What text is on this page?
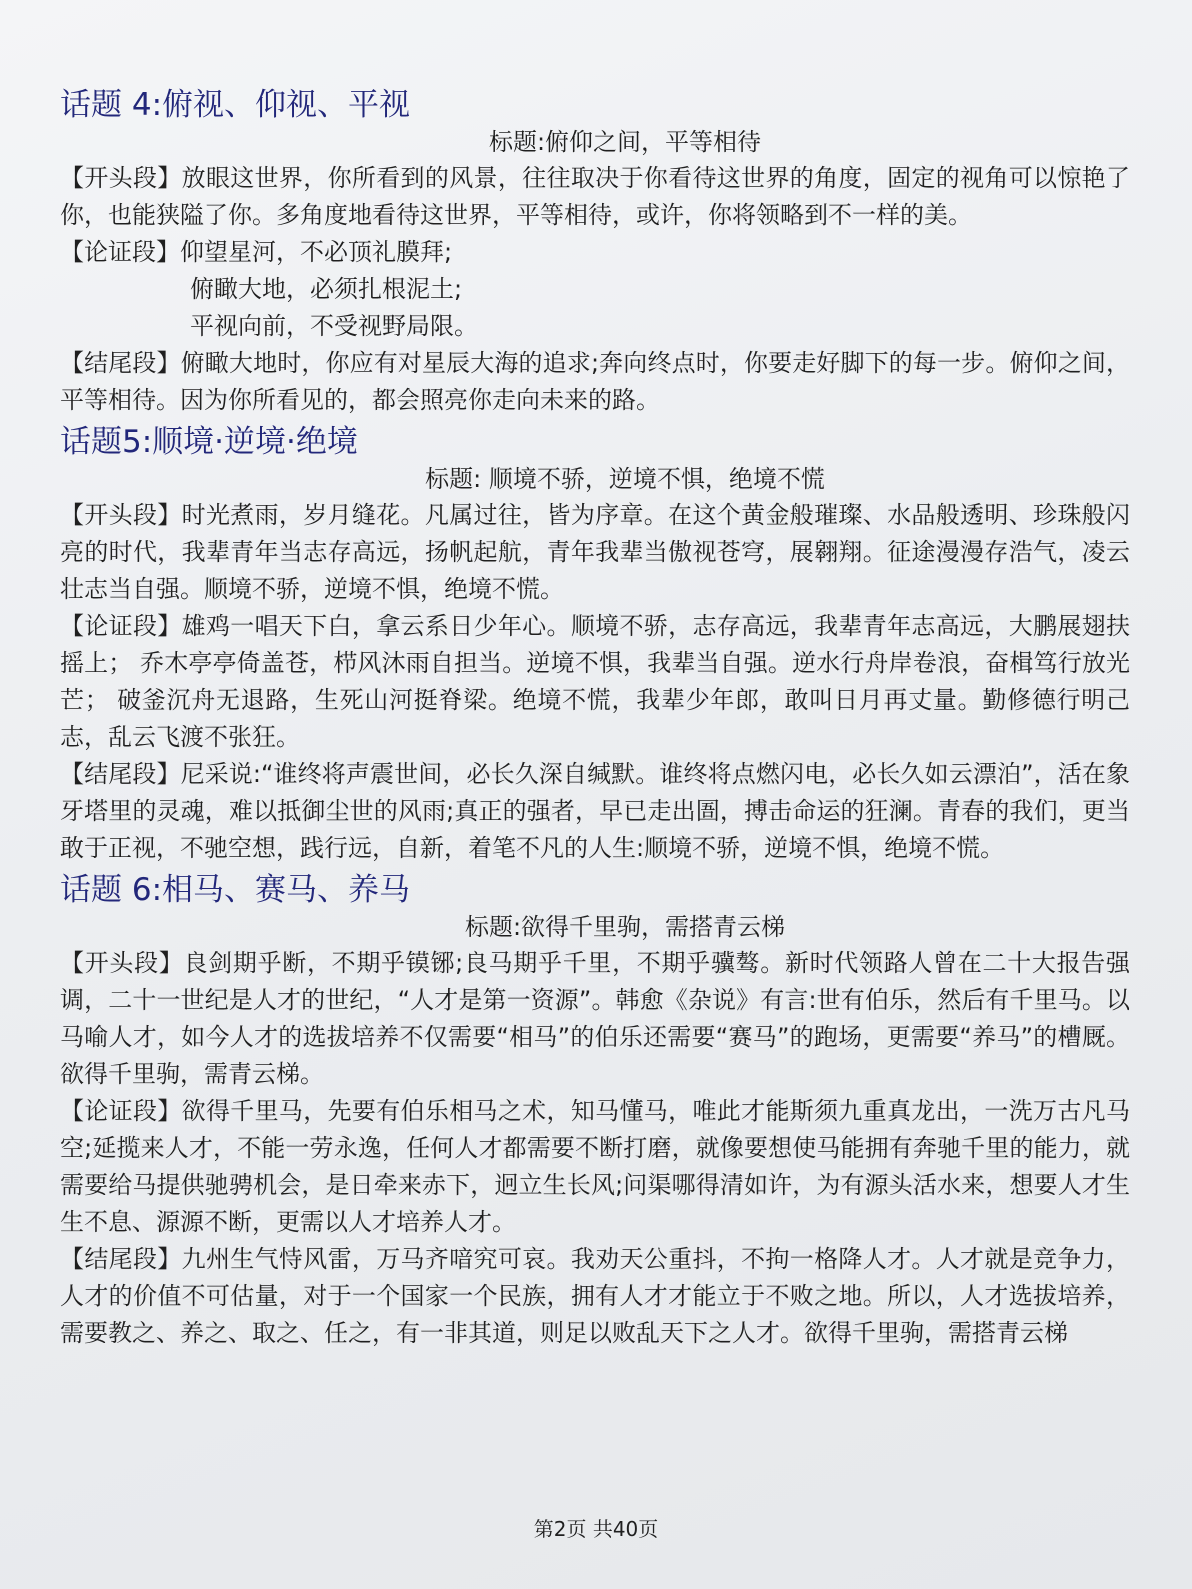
话题 4:俯视、仰视、平视

标题:俯仰之间，平等相待

【开头段】放眼这世界，你所看到的风景，往往取决于你看待这世界的角度，固定的视角可以惊艳了你，也能狭隘了你。多角度地看待这世界，平等相待，或许，你将领略到不一样的美。

【论证段】仰望星河，不必顶礼膜拜;
俯瞰大地，必须扎根泥土;
平视向前，不受视野局限。

【结尾段】俯瞰大地时，你应有对星辰大海的追求;奔向终点时，你要走好脚下的每一步。俯仰之间，平等相待。因为你所看见的，都会照亮你走向未来的路。

话题5:顺境·逆境·绝境

标题: 顺境不骄，逆境不惧，绝境不慌

【开头段】时光煮雨，岁月缝花。凡属过往，皆为序章。在这个黄金般璀璨、水品般透明、珍珠般闪亮的时代，我辈青年当志存高远，扬帆起航，青年我辈当傲视苍穹，展翱翔。征途漫漫存浩气，凌云壮志当自强。顺境不骄，逆境不惧，绝境不慌。

【论证段】雄鸡一唱天下白，拿云系日少年心。顺境不骄，志存高远，我辈青年志高远，大鹏展翅扶摇上； 乔木亭亭倚盖苍，栉风沐雨自担当。逆境不惧，我辈当自强。逆水行舟岸卷浪，奋楫笃行放光芒； 破釜沉舟无退路，生死山河挺脊梁。绝境不慌，我辈少年郎，敢叫日月再丈量。勤修德行明己志，乱云飞渡不张狂。

【结尾段】尼采说:“谁终将声震世间，必长久深自缄默。谁终将点燃闪电，必长久如云漂泊”，活在象牙塔里的灵魂，难以抵御尘世的风雨;真正的强者，早已走出圄，搏击命运的狂澜。青春的我们，更当敢于正视，不驰空想，践行远，自新，着笔不凡的人生:顺境不骄，逆境不惧，绝境不慌。

话题 6:相马、赛马、养马

标题:欲得千里驹，需搭青云梯

【开头段】良剑期乎断，不期乎镆铘;良马期乎千里，不期乎骥骜。新时代领路人曾在二十大报告强调，二十一世纪是人才的世纪，“人才是第一资源”。韩愈《杂说》有言:世有伯乐，然后有千里马。以马喻人才，如今人才的选拔培养不仅需要“相马”的伯乐还需要“赛马”的跑场，更需要“养马”的槽厩。欲得千里驹，需青云梯。

【论证段】欲得千里马，先要有伯乐相马之术，知马懂马，唯此才能斯须九重真龙出，一洗万古凡马空;延揽来人才，不能一劳永逸，任何人才都需要不断打磨，就像要想使马能拥有奔驰千里的能力，就需要给马提供驰骋机会，是日牵来赤下，迥立生长风;问渠哪得清如许，为有源头活水来，想要人才生生不息、源源不断，更需以人才培养人才。

【结尾段】九州生气恃风雷，万马齐喑究可哀。我劝天公重抖，不拘一格降人才。人才就是竞争力，人才的价值不可估量，对于一个国家一个民族，拥有人才才能立于不败之地。所以，人才选拔培养，需要教之、养之、取之、任之，有一非其道，则足以败乱天下之人才。欲得千里驹，需搭青云梯

第2页 共40页
